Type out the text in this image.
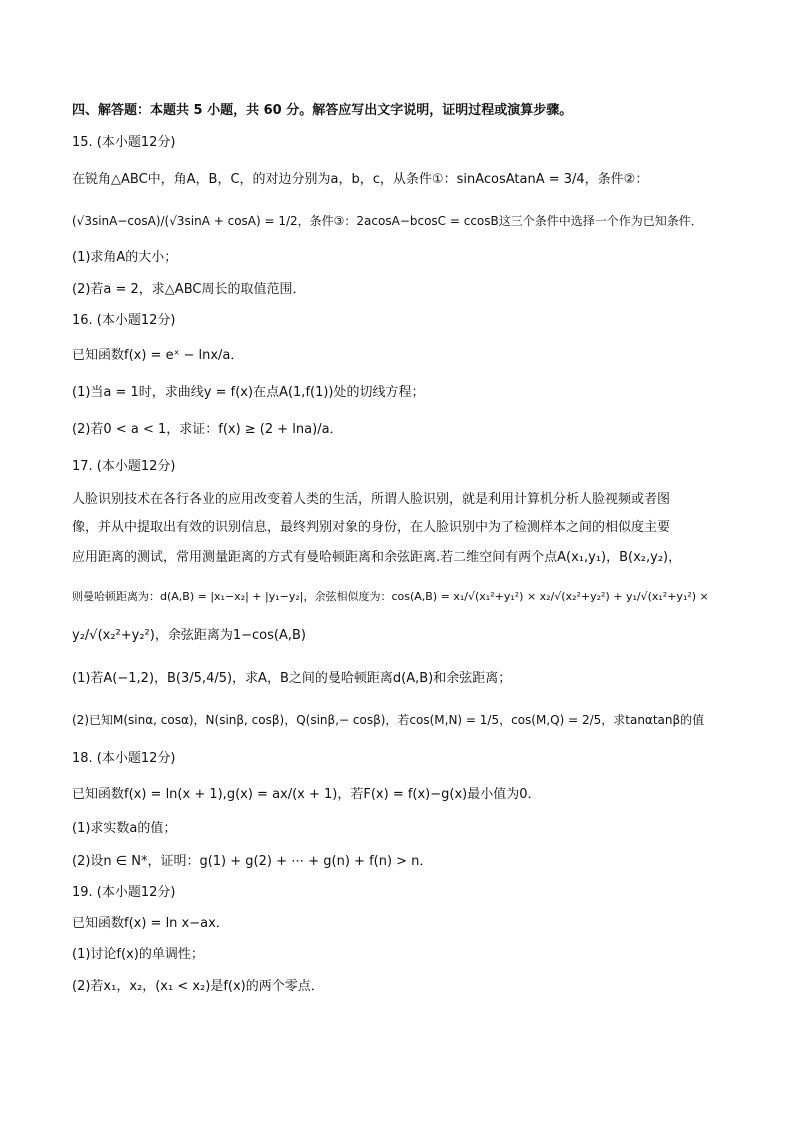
四、解答题：本题共 5 小题，共 60 分。解答应写出文字说明，证明过程或演算步骤。
15. (本小题12分)
在锐角△ABC中，角A，B，C，的对边分别为a，b，c，从条件①：sinAcosAtanA = 3/4，条件②：
(√3sinA−cosA)/(√3sinA + cosA) = 1/2，条件③：2acosA−bcosC = ccosB这三个条件中选择一个作为已知条件．
(1)求角A的大小；
(2)若a = 2，求△ABC周长的取值范围．
16. (本小题12分)
已知函数f(x) = eˣ − lnx/a．
(1)当a = 1时，求曲线y = f(x)在点A(1,f(1))处的切线方程；
(2)若0 < a < 1，求证：f(x) ≥ (2 + lna)/a．
17. (本小题12分)
人脸识别技术在各行各业的应用改变着人类的生活，所谓人脸识别，就是利用计算机分析人脸视频或者图
像，并从中提取出有效的识别信息，最终判别对象的身份，在人脸识别中为了检测样本之间的相似度主要
应用距离的测试，常用测量距离的方式有曼哈顿距离和余弦距离.若二维空间有两个点A(x₁,y₁)，B(x₂,y₂)，
则曼哈顿距离为：d(A,B) = |x₁−x₂| + |y₁−y₂|，余弦相似度为：cos(A,B) = x₁/√(x₁²+y₁²) × x₂/√(x₂²+y₂²) + y₁/√(x₁²+y₁²) ×
y₂/√(x₂²+y₂²)，余弦距离为1−cos(A,B)
(1)若A(−1,2)，B(3/5,4/5)，求A，B之间的曼哈顿距离d(A,B)和余弦距离；
(2)已知M(sinα, cosα)，N(sinβ, cosβ)，Q(sinβ,− cosβ)，若cos(M,N) = 1/5，cos(M,Q) = 2/5，求tanαtanβ的值
18. (本小题12分)
已知函数f(x) = ln(x + 1),g(x) = ax/(x + 1)，若F(x) = f(x)−g(x)最小值为0．
(1)求实数a的值；
(2)设n ∈ N*，证明：g(1) + g(2) + ⋯ + g(n) + f(n) > n．
19. (本小题12分)
已知函数f(x) = ln x−ax．
(1)讨论f(x)的单调性；
(2)若x₁，x₂，(x₁ < x₂)是f(x)的两个零点．
